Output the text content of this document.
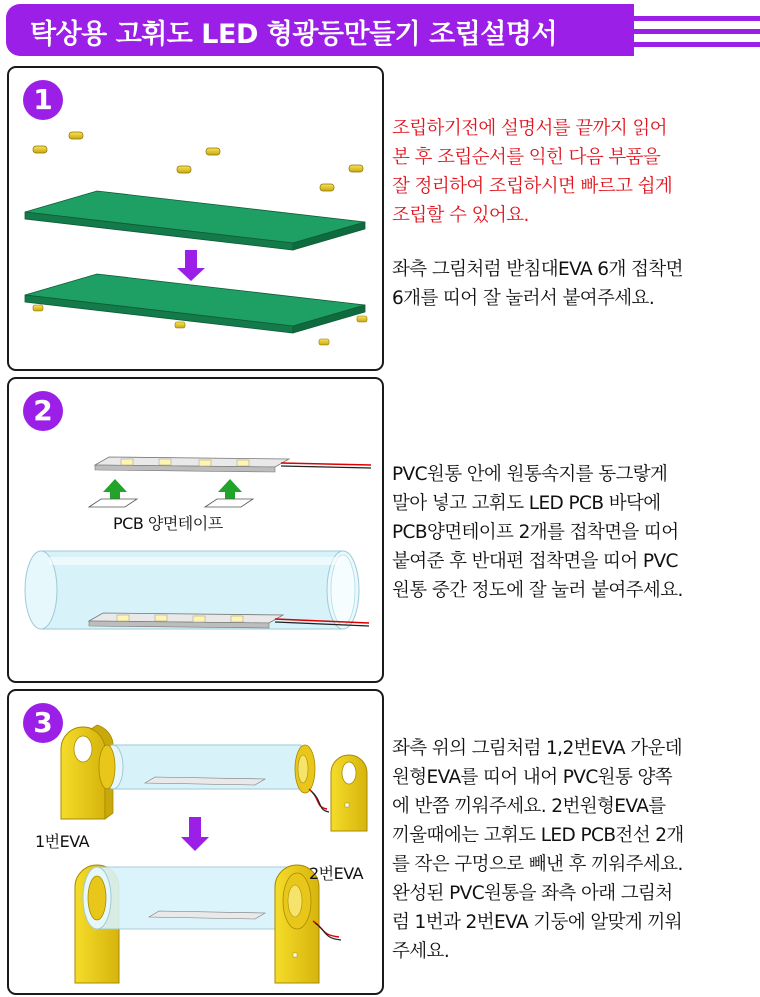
탁상용 고휘도 LED 형광등만들기 조립설명서
1
조립하기전에 설명서를 끝까지 읽어
본 후 조립순서를 익힌 다음 부품을
잘 정리하여 조립하시면 빠르고 쉽게
조립할 수 있어요.
좌측 그림처럼 받침대EVA 6개 접착면
6개를 띠어 잘 눌러서 붙여주세요.
2
PCB 양면테이프
PVC원통 안에 원통속지를 동그랗게
말아 넣고 고휘도 LED PCB 바닥에
PCB양면테이프 2개를 접착면을 띠어
붙여준 후 반대편 접착면을 띠어 PVC
원통 중간 정도에 잘 눌러 붙여주세요.
3
1번EVA
2번EVA
좌측 위의 그림처럼 1,2번EVA 가운데
원형EVA를 띠어 내어 PVC원통 양쪽
에 반쯤 끼워주세요. 2번원형EVA를
끼울때에는 고휘도 LED PCB전선 2개
를 작은 구멍으로 빼낸 후 끼워주세요.
완성된 PVC원통을 좌측 아래 그림처
럼 1번과 2번EVA 기둥에 알맞게 끼워
주세요.
